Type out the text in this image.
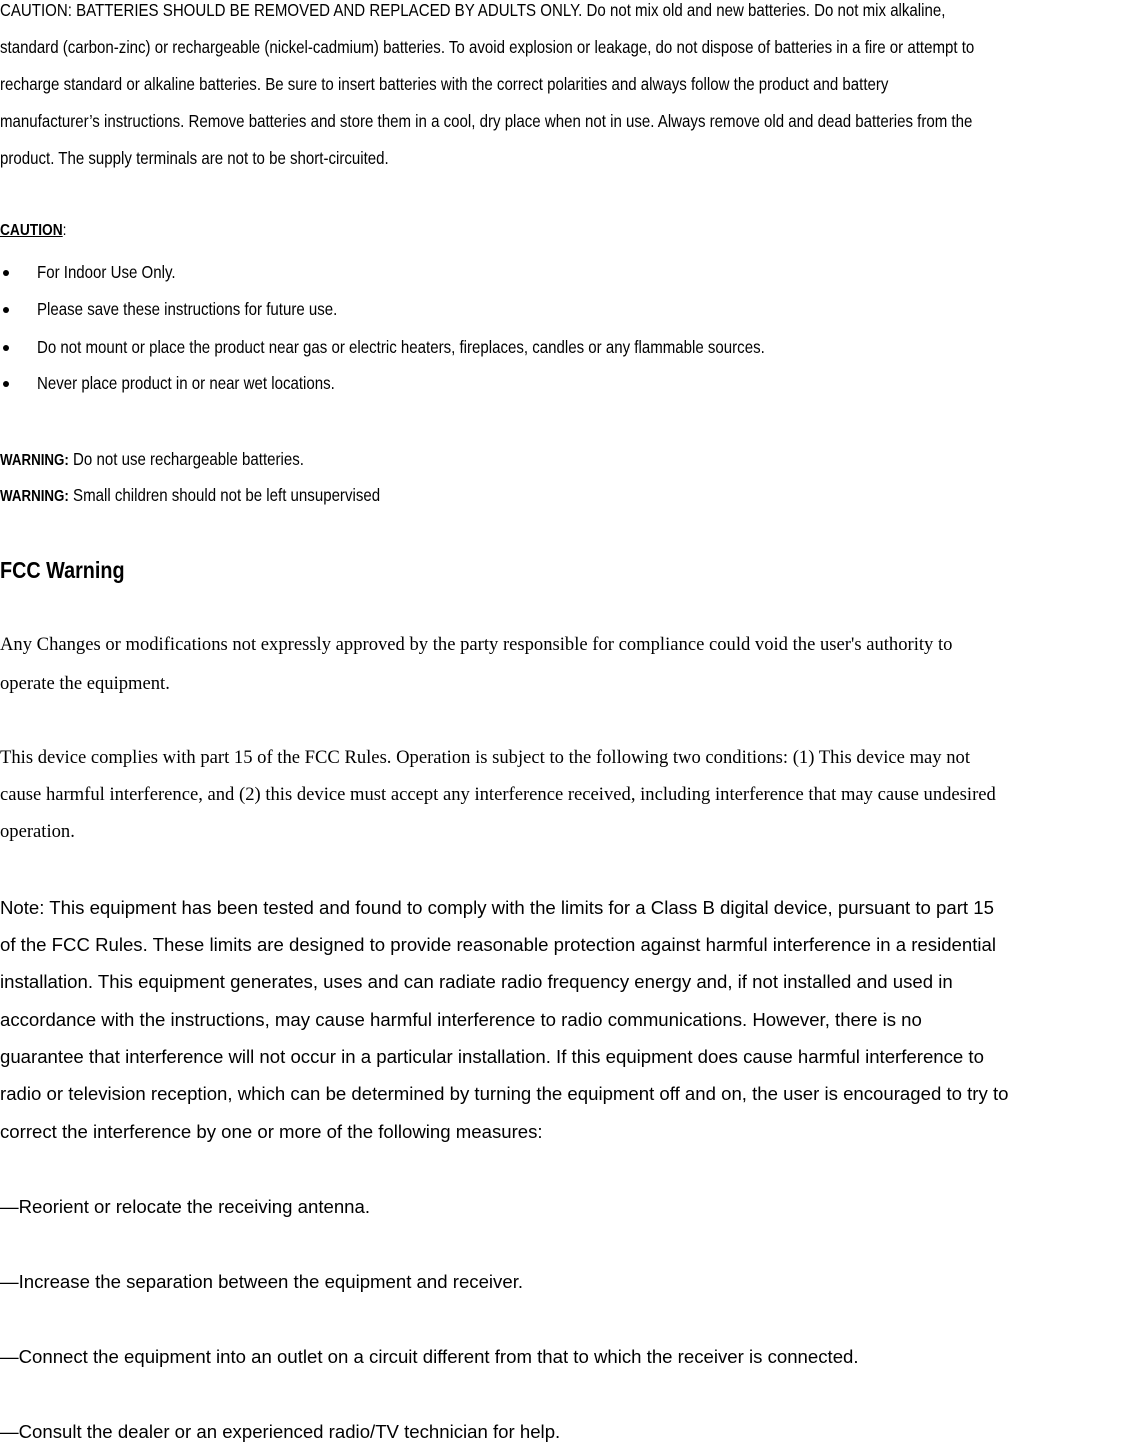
CAUTION: BATTERIES SHOULD BE REMOVED AND REPLACED BY ADULTS ONLY. Do not mix old and new batteries. Do not mix alkaline,
standard (carbon-zinc) or rechargeable (nickel-cadmium) batteries. To avoid explosion or leakage, do not dispose of batteries in a fire or attempt to
recharge standard or alkaline batteries. Be sure to insert batteries with the correct polarities and always follow the product and battery
manufacturer’s instructions. Remove batteries and store them in a cool, dry place when not in use. Always remove old and dead batteries from the
product. The supply terminals are not to be short-circuited.
CAUTION:
For Indoor Use Only.
Please save these instructions for future use.
Do not mount or place the product near gas or electric heaters, fireplaces, candles or any flammable sources.
Never place product in or near wet locations.
WARNING: Do not use rechargeable batteries.
WARNING: Small children should not be left unsupervised
FCC Warning
Any Changes or modifications not expressly approved by the party responsible for compliance could void the user's authority to
operate the equipment.
This device complies with part 15 of the FCC Rules. Operation is subject to the following two conditions: (1) This device may not
cause harmful interference, and (2) this device must accept any interference received, including interference that may cause undesired
operation.
Note: This equipment has been tested and found to comply with the limits for a Class B digital device, pursuant to part 15
of the FCC Rules. These limits are designed to provide reasonable protection against harmful interference in a residential
installation. This equipment generates, uses and can radiate radio frequency energy and, if not installed and used in
accordance with the instructions, may cause harmful interference to radio communications. However, there is no
guarantee that interference will not occur in a particular installation. If this equipment does cause harmful interference to
radio or television reception, which can be determined by turning the equipment off and on, the user is encouraged to try to
correct the interference by one or more of the following measures:
—Reorient or relocate the receiving antenna.
—Increase the separation between the equipment and receiver.
—Connect the equipment into an outlet on a circuit different from that to which the receiver is connected.
—Consult the dealer or an experienced radio/TV technician for help.
